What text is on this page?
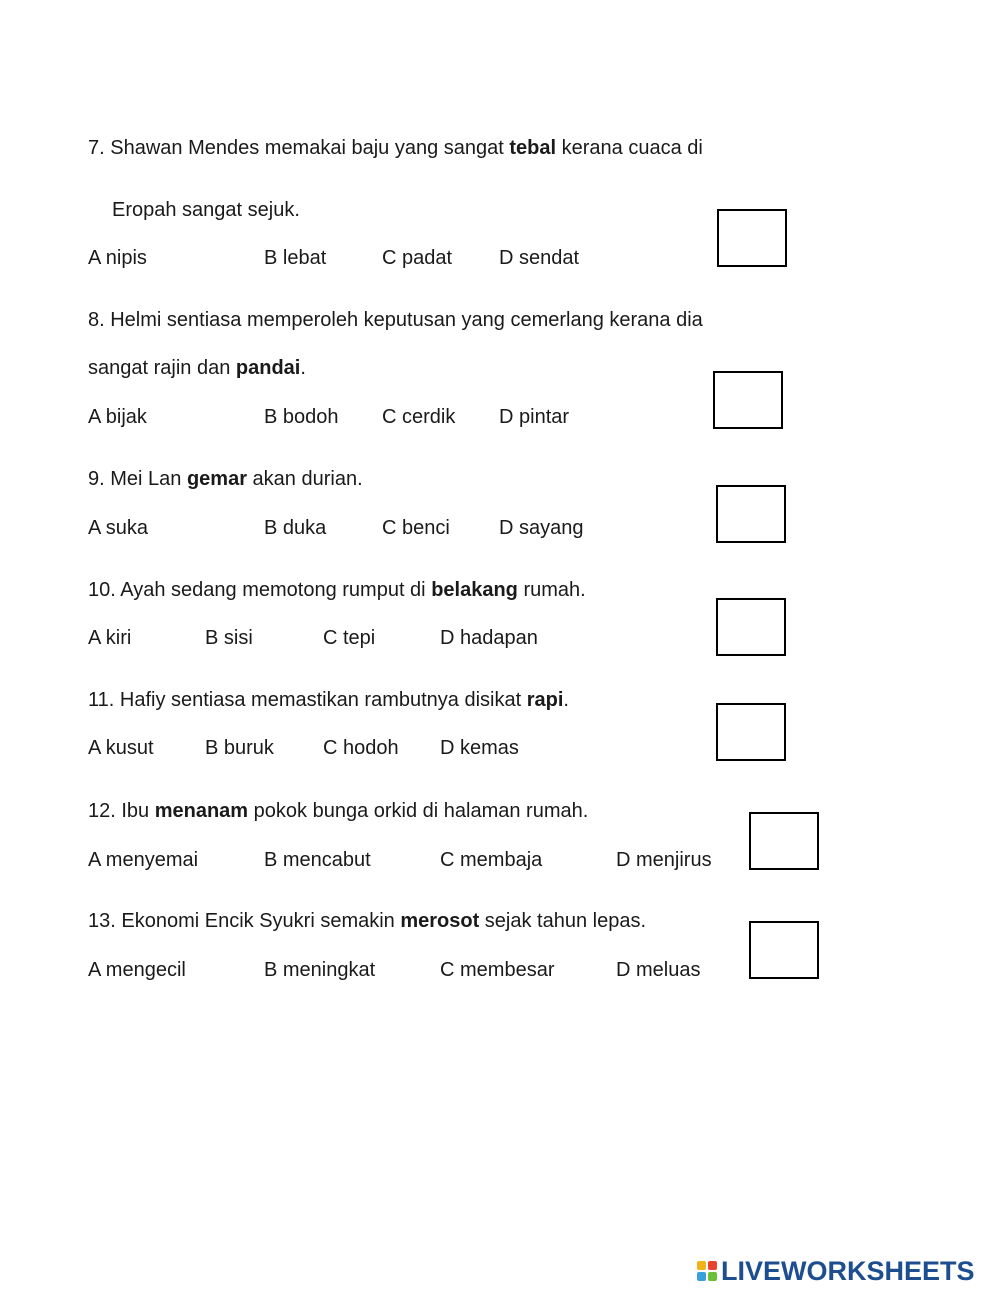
7. Shawan Mendes memakai baju yang sangat tebal kerana cuaca di
Eropah sangat sejuk.
A nipis	B lebat	C padat D sendat
8. Helmi sentiasa memperoleh keputusan yang cemerlang kerana dia
sangat rajin dan pandai.
A bijak	B bodoh C cerdik D pintar
9. Mei Lan gemar akan durian.
A suka	B duka	C benci D sayang
10. Ayah sedang memotong rumput di belakang rumah.
A kiri	B sisi	C tepi	D hadapan
11. Hafiy sentiasa memastikan rambutnya disikat rapi.
A kusut	B buruk C hodoh D kemas
12. Ibu menanam pokok bunga orkid di halaman rumah.
A menyemai	B mencabut	C membaja	D menjirus
13. Ekonomi Encik Syukri semakin merosot sejak tahun lepas.
A mengecil	B meningkat	C membesar	D meluas
LIVEWORKSHEETS
